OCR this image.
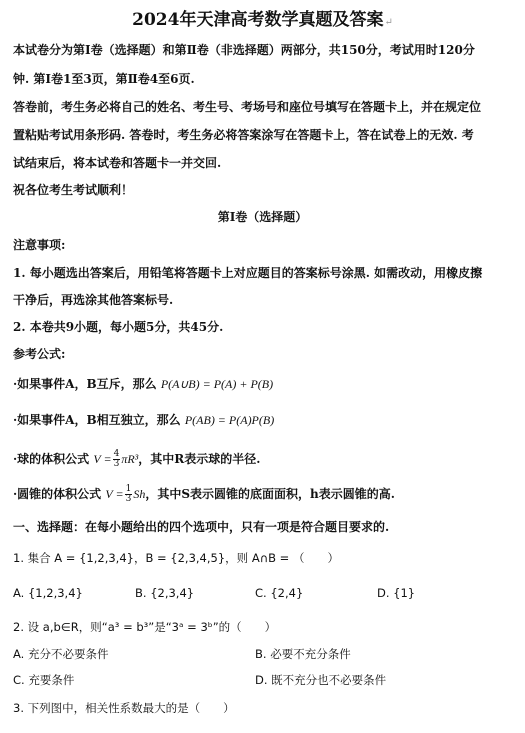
2024年天津高考数学真题及答案↵
本试卷分为第Ⅰ卷（选择题）和第Ⅱ卷（非选择题）两部分，共150分，考试用时120分
钟. 第Ⅰ卷1至3页，第Ⅱ卷4至6页.
答卷前，考生务必将自己的姓名、考生号、考场号和座位号填写在答题卡上，并在规定位
置粘贴考试用条形码. 答卷时，考生务必将答案涂写在答题卡上，答在试卷上的无效. 考
试结束后，将本试卷和答题卡一并交回.
祝各位考生考试顺利！
第Ⅰ卷（选择题）
注意事项:
1. 每小题选出答案后，用铅笔将答题卡上对应题目的答案标号涂黑. 如需改动，用橡皮擦
干净后，再选涂其他答案标号.
2. 本卷共9小题，每小题5分，共45分.
参考公式:
·如果事件A，B互斥，那么 P(A∪B) = P(A) + P(B)
·如果事件A，B相互独立，那么 P(AB) = P(A)P(B)
·球的体积公式 $V = \frac{4}{3} \pi R^3$，其中R表示球的半径.
·圆锥的体积公式 $V = \frac{1}{3}$ Sh，其中S表示圆锥的底面面积，h表示圆锥的高.
一、选择题：在每小题给出的四个选项中，只有一项是符合题目要求的.
1. 集合 A = {1,2,3,4}，B = {2,3,4,5}，则 A∩B = （　　）
A. {1,2,3,4}	B. {2,3,4}	C. {2,4}	D. {1}
2. 设 a,b∈R，则“a³ = b³”是“3ᵃ = 3ᵇ”的（　　）
A. 充分不必要条件	B. 必要不充分条件
C. 充要条件	D. 既不充分也不必要条件
3. 下列图中，相关性系数最大的是（　　）
